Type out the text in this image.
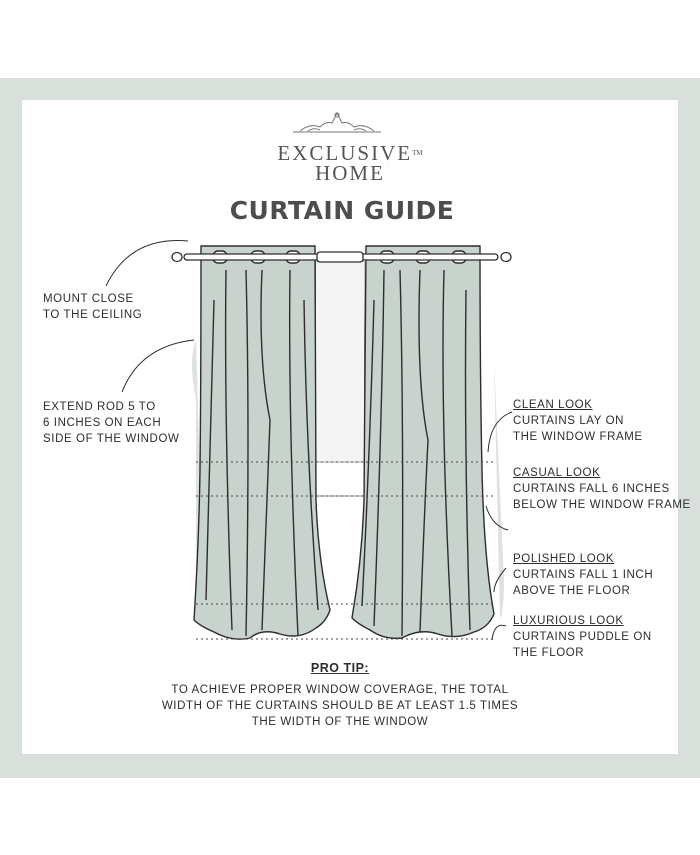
EXCLUSIVE™
HOME
CURTAIN GUIDE
MOUNT CLOSE
TO THE CEILING
EXTEND ROD 5 TO
6 INCHES ON EACH
SIDE OF THE WINDOW
CLEAN LOOK
CURTAINS LAY ON
THE WINDOW FRAME
CASUAL LOOK
CURTAINS FALL 6 INCHES
BELOW THE WINDOW FRAME
POLISHED LOOK
CURTAINS FALL 1 INCH
ABOVE THE FLOOR
LUXURIOUS LOOK
CURTAINS PUDDLE ON
THE FLOOR
PRO TIP:
TO ACHIEVE PROPER WINDOW COVERAGE, THE TOTAL
WIDTH OF THE CURTAINS SHOULD BE AT LEAST 1.5 TIMES
THE WIDTH OF THE WINDOW
